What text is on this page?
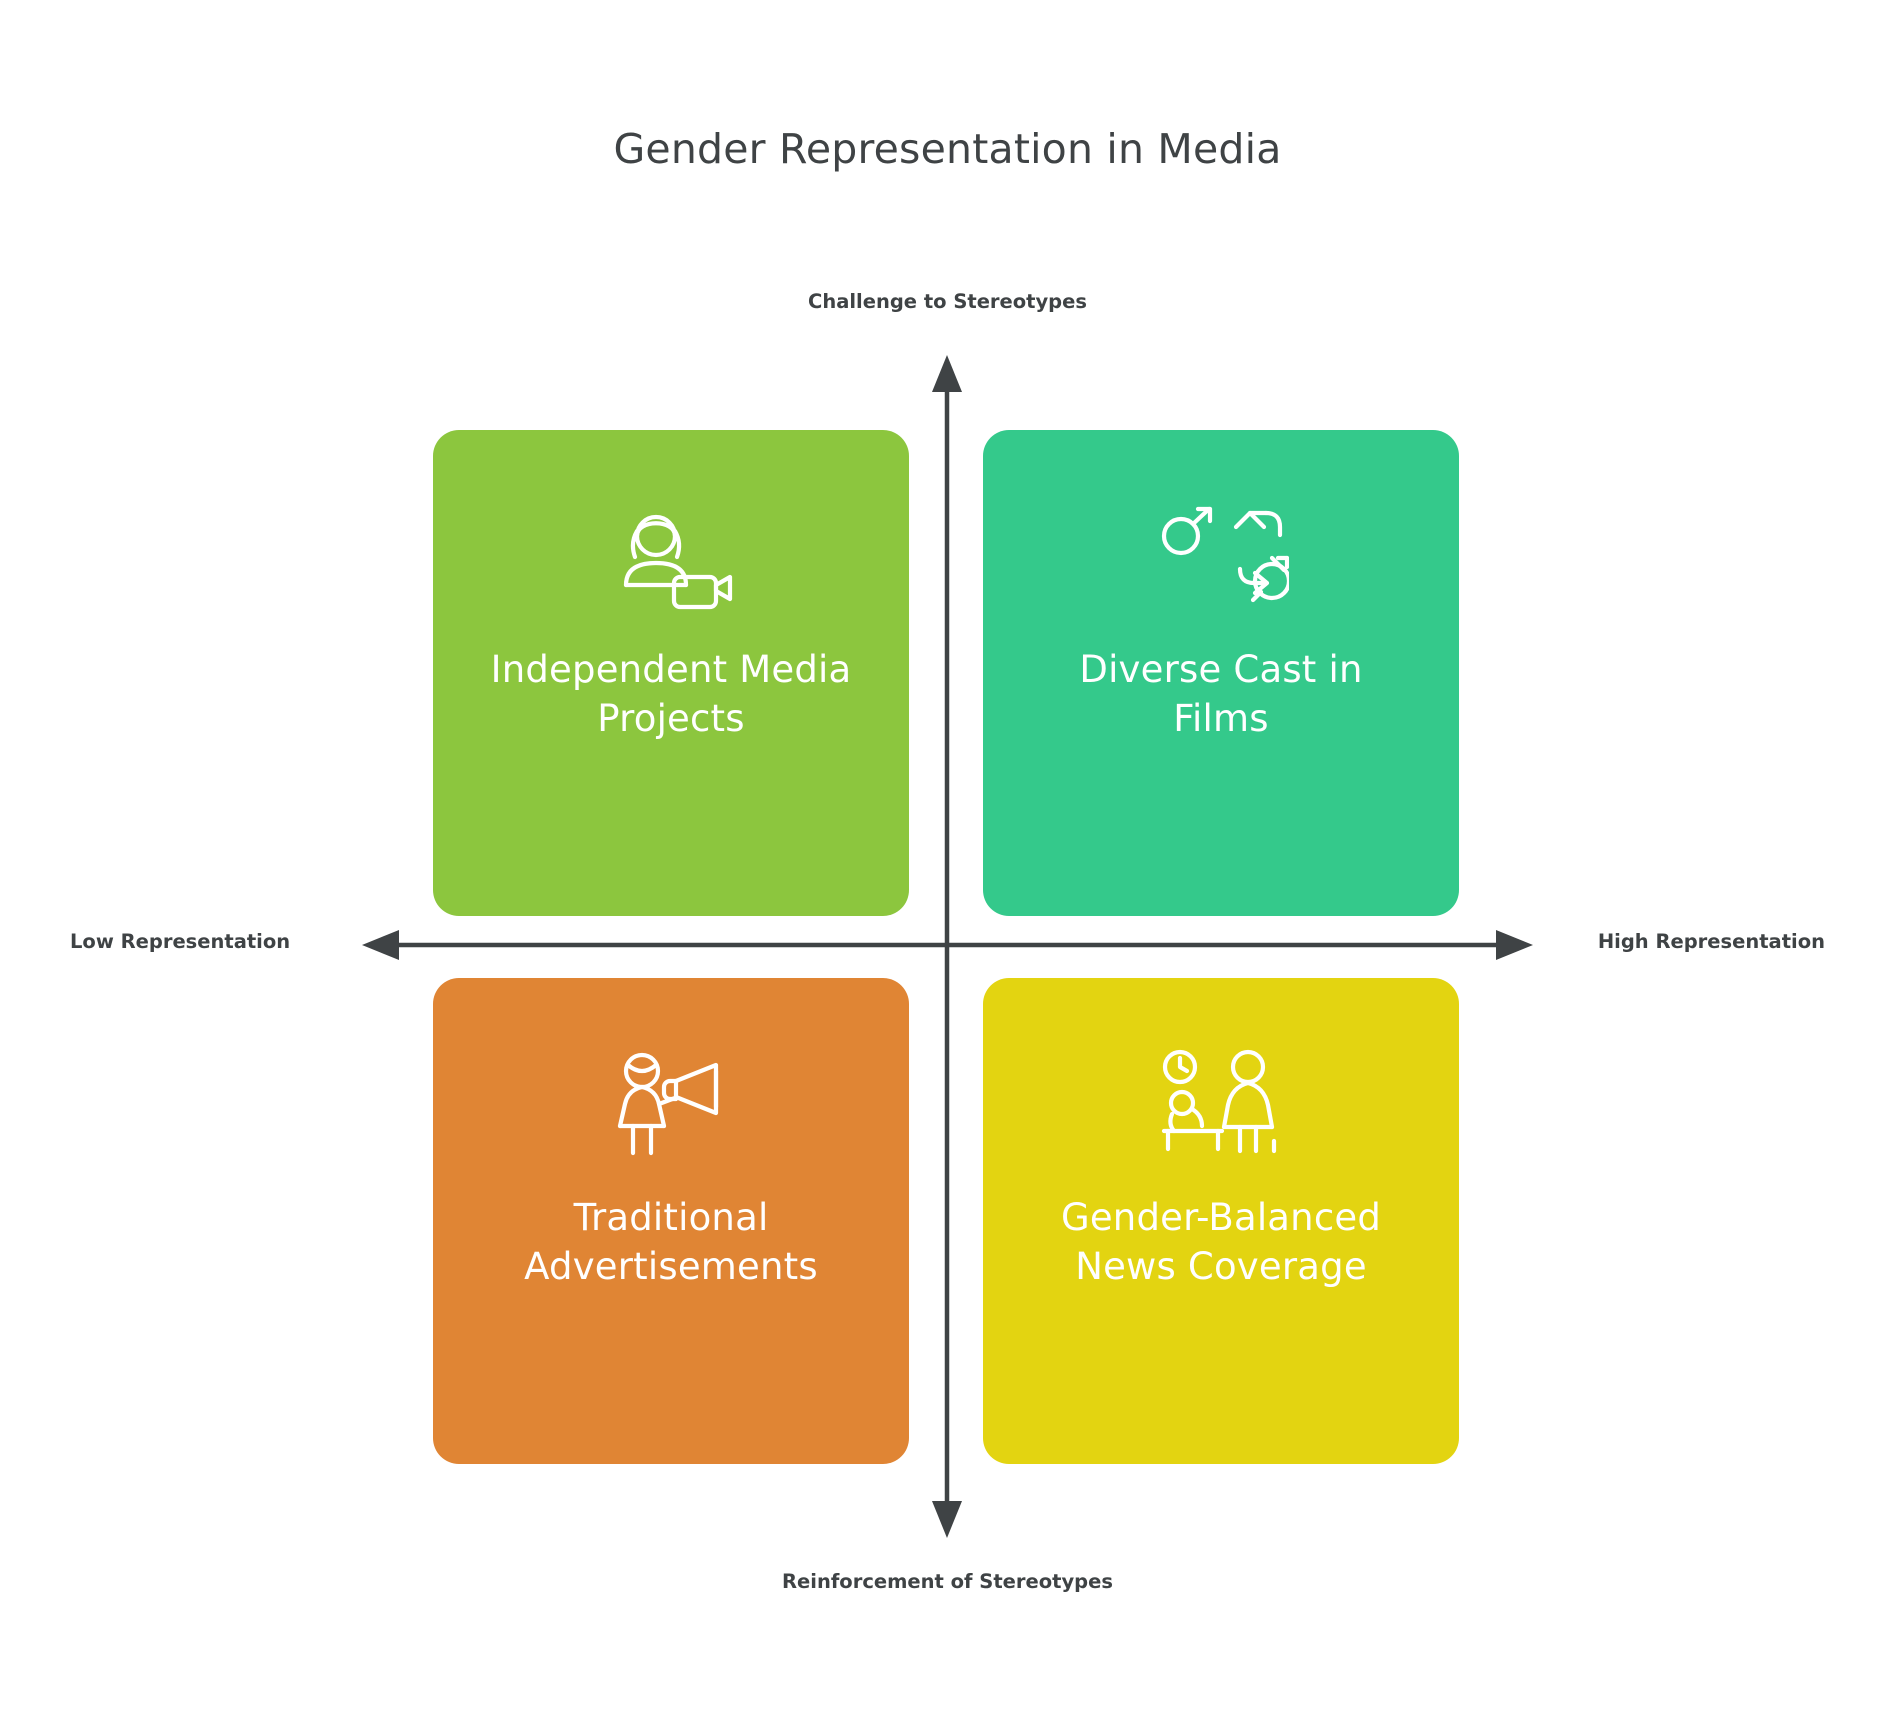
Gender Representation in Media
Challenge to Stereotypes
Reinforcement of Stereotypes
Low Representation	High Representation
Independent Media Projects
Diverse Cast in Films
Traditional Advertisements
Gender-Balanced News Coverage
